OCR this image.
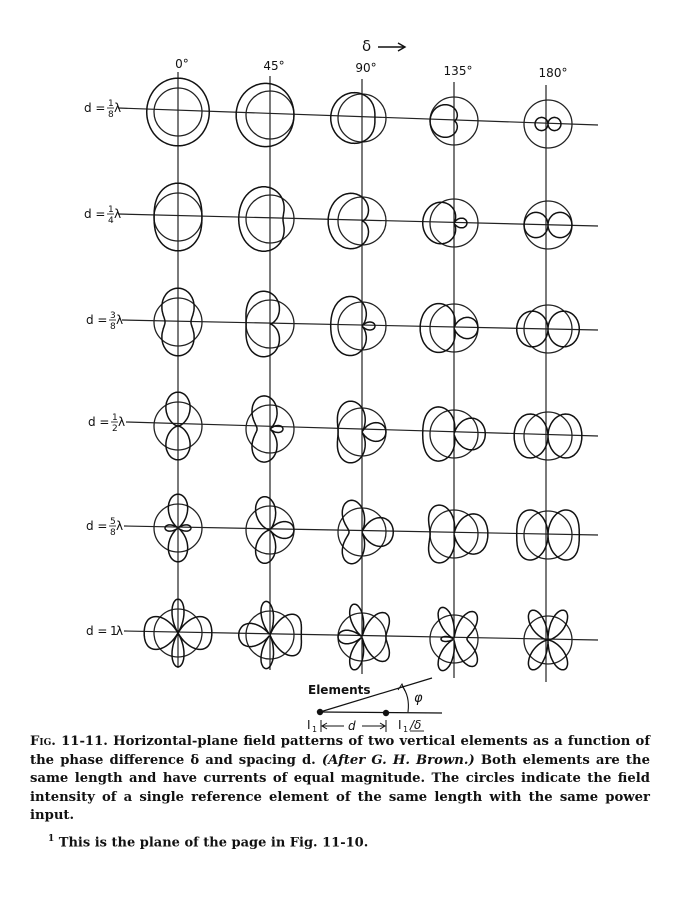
δ
0°	45°	90°	135°	180°
d = 1
8 λ
d = 1
4 λ
d = 3
8 λ
d = 1
2 λ
d = 5
8 λ
d = 1
λ
Elements
φ
I 1	I 1 /δ
d
Fig. 11-11. Horizontal-plane field patterns of two vertical elements as a function of the phase difference δ and spacing d. (After G. H. Brown.) Both elements are the same length and have currents of equal magnitude. The circles indicate the field intensity of a single reference element of the same length with the same power input.
$^1$ This is the plane of the page in Fig. 11-10.
